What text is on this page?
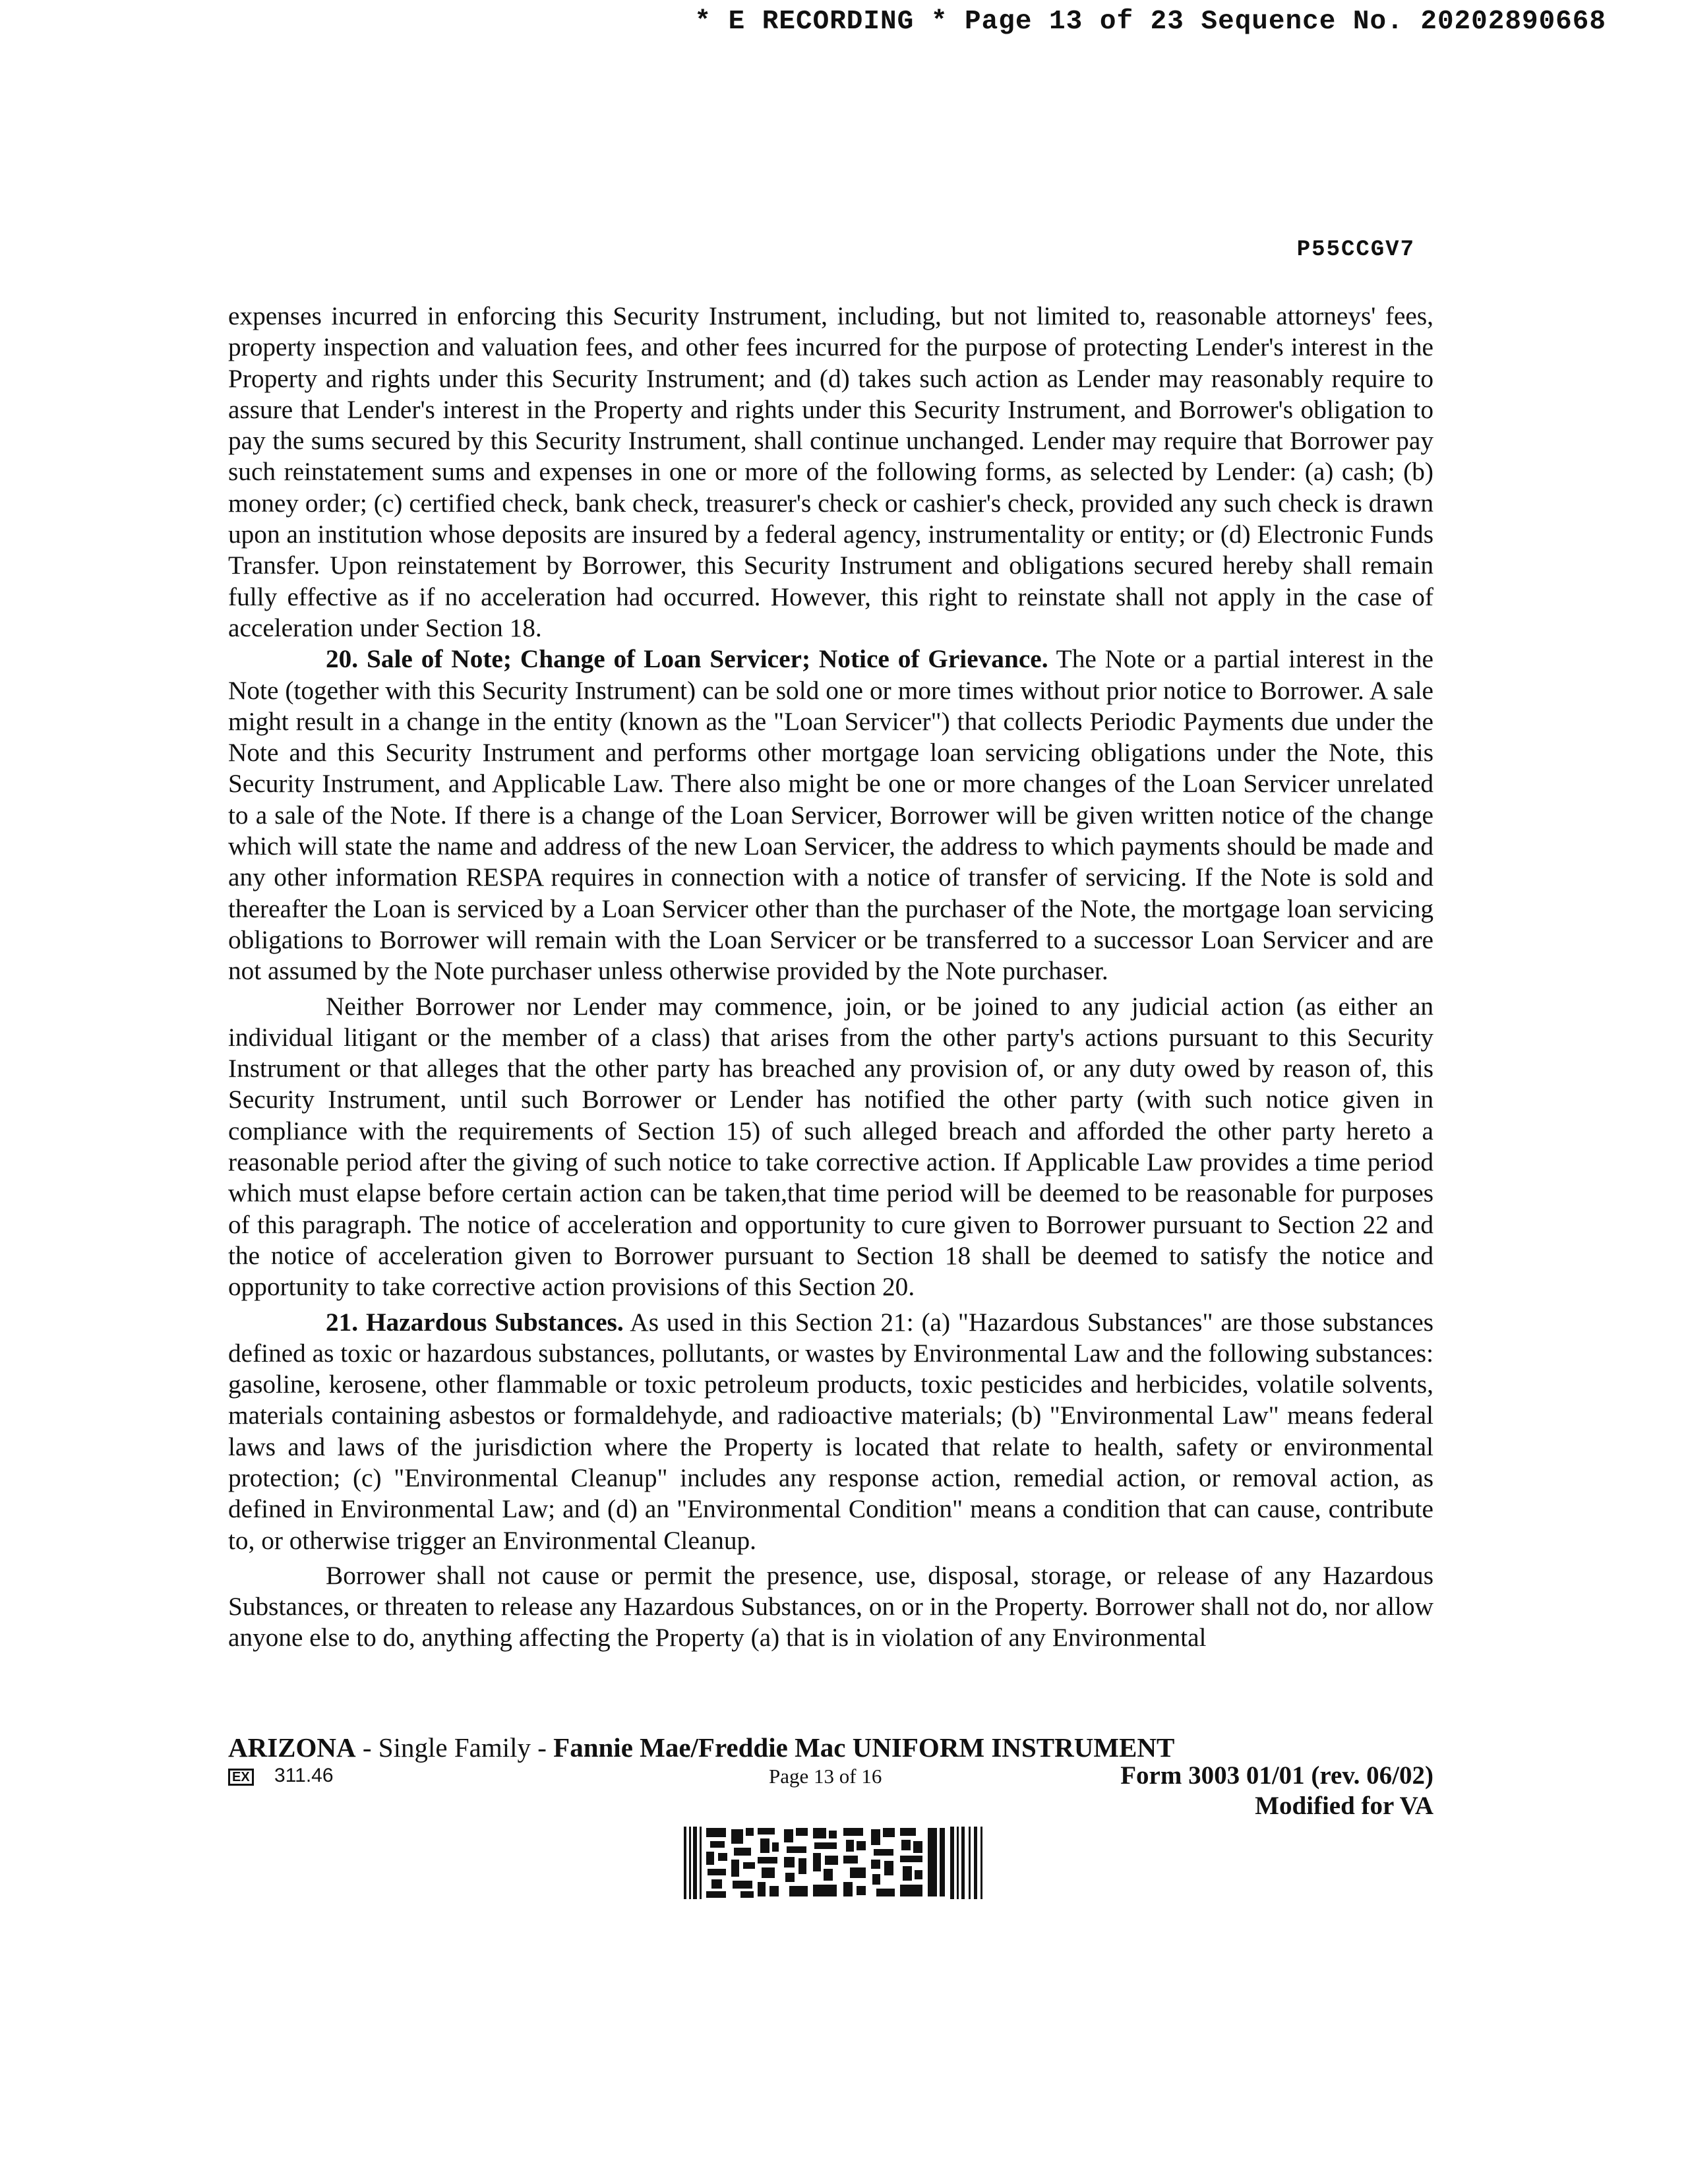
* E RECORDING * Page 13 of 23 Sequence No. 20202890668
P55CCGV7

expenses incurred in enforcing this Security Instrument, including, but not limited to, reasonable attorneys' fees, property inspection and valuation fees, and other fees incurred for the purpose of protecting Lender's interest in the Property and rights under this Security Instrument; and (d) takes such action as Lender may reasonably require to assure that Lender's interest in the Property and rights under this Security Instrument, and Borrower's obligation to pay the sums secured by this Security Instrument, shall continue unchanged. Lender may require that Borrower pay such reinstatement sums and expenses in one or more of the following forms, as selected by Lender: (a) cash; (b) money order; (c) certified check, bank check, treasurer's check or cashier's check, provided any such check is drawn upon an institution whose deposits are insured by a federal agency, instrumentality or entity; or (d) Electronic Funds Transfer. Upon reinstatement by Borrower, this Security Instrument and obligations secured hereby shall remain fully effective as if no acceleration had occurred. However, this right to reinstate shall not apply in the case of acceleration under Section 18.

20. Sale of Note; Change of Loan Servicer; Notice of Grievance. The Note or a partial interest in the Note (together with this Security Instrument) can be sold one or more times without prior notice to Borrower. A sale might result in a change in the entity (known as the "Loan Servicer") that collects Periodic Payments due under the Note and this Security Instrument and performs other mortgage loan servicing obligations under the Note, this Security Instrument, and Applicable Law. There also might be one or more changes of the Loan Servicer unrelated to a sale of the Note. If there is a change of the Loan Servicer, Borrower will be given written notice of the change which will state the name and address of the new Loan Servicer, the address to which payments should be made and any other information RESPA requires in connection with a notice of transfer of servicing. If the Note is sold and thereafter the Loan is serviced by a Loan Servicer other than the purchaser of the Note, the mortgage loan servicing obligations to Borrower will remain with the Loan Servicer or be transferred to a successor Loan Servicer and are not assumed by the Note purchaser unless otherwise provided by the Note purchaser.

Neither Borrower nor Lender may commence, join, or be joined to any judicial action (as either an individual litigant or the member of a class) that arises from the other party's actions pursuant to this Security Instrument or that alleges that the other party has breached any provision of, or any duty owed by reason of, this Security Instrument, until such Borrower or Lender has notified the other party (with such notice given in compliance with the requirements of Section 15) of such alleged breach and afforded the other party hereto a reasonable period after the giving of such notice to take corrective action. If Applicable Law provides a time period which must elapse before certain action can be taken,that time period will be deemed to be reasonable for purposes of this paragraph. The notice of acceleration and opportunity to cure given to Borrower pursuant to Section 22 and the notice of acceleration given to Borrower pursuant to Section 18 shall be deemed to satisfy the notice and opportunity to take corrective action provisions of this Section 20.

21. Hazardous Substances. As used in this Section 21: (a) "Hazardous Substances" are those substances defined as toxic or hazardous substances, pollutants, or wastes by Environmental Law and the following substances: gasoline, kerosene, other flammable or toxic petroleum products, toxic pesticides and herbicides, volatile solvents, materials containing asbestos or formaldehyde, and radioactive materials; (b) "Environmental Law" means federal laws and laws of the jurisdiction where the Property is located that relate to health, safety or environmental protection; (c) "Environmental Cleanup" includes any response action, remedial action, or removal action, as defined in Environmental Law; and (d) an "Environmental Condition" means a condition that can cause, contribute to, or otherwise trigger an Environmental Cleanup.

Borrower shall not cause or permit the presence, use, disposal, storage, or release of any Hazardous Substances, or threaten to release any Hazardous Substances, on or in the Property. Borrower shall not do, nor allow anyone else to do, anything affecting the Property (a) that is in violation of any Environmental

ARIZONA - Single Family - Fannie Mae/Freddie Mac UNIFORM INSTRUMENT
EX 311.46	Page 13 of 16	Form 3003 01/01 (rev. 06/02)
Modified for VA
